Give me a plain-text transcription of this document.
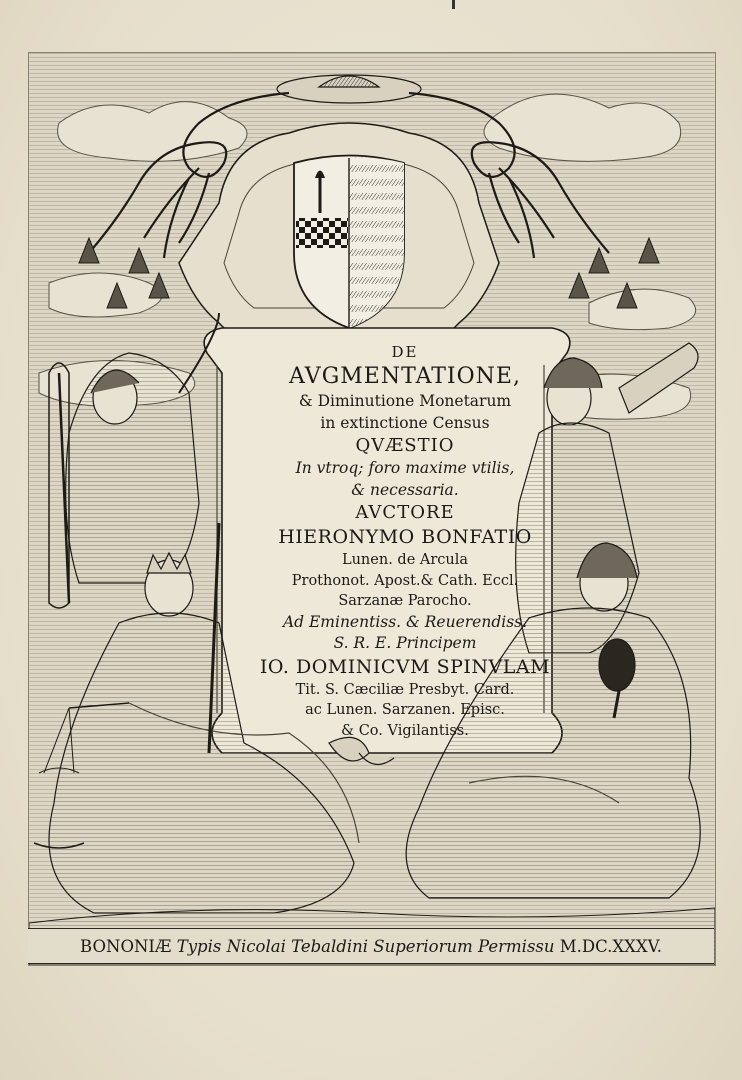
DE
AVGMENTATIONE,
& Diminutione Monetarum
in extinctione Census
QVÆSTIO
In vtroq; foro maxime vtilis,
& necessaria.
AVCTORE
HIERONYMO BONFATIO
Lunen. de Arcula
Prothonot. Apost.& Cath. Eccl.
Sarzanæ Parocho.
Ad Eminentiss. & Reuerendiss.
S. R. E. Principem
IO. DOMINICVM SPINVLAM
Tit. S. Cæciliæ Presbyt. Card.
ac Lunen. Sarzanen. Episc.
& Co. Vigilantiss.
BONONIÆ
Typis Nicolai Tebaldini Superiorum Permissu
M.DC.XXXV.
